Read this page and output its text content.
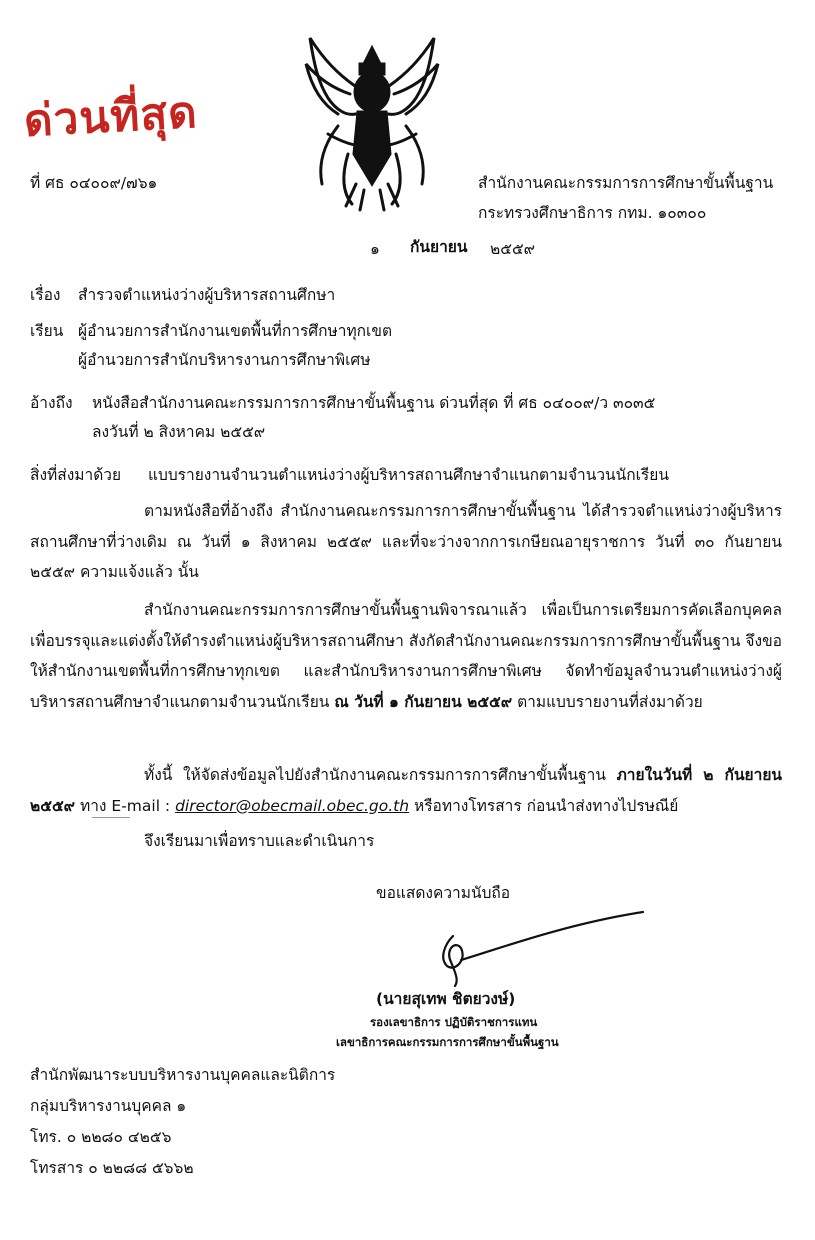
ด่วนที่สุด
ที่ ศธ ๐๔๐๐๙/๗๖๑	สำนักงานคณะกรรมการการศึกษาขั้นพื้นฐาน
กระทรวงศึกษาธิการ กทม. ๑๐๓๐๐
๑ กันยายน ๒๕๕๙
เรื่อง สำรวจตำแหน่งว่างผู้บริหารสถานศึกษา
เรียน ผู้อำนวยการสำนักงานเขตพื้นที่การศึกษาทุกเขต
ผู้อำนวยการสำนักบริหารงานการศึกษาพิเศษ
อ้างถึง หนังสือสำนักงานคณะกรรมการการศึกษาขั้นพื้นฐาน ด่วนที่สุด ที่ ศธ ๐๔๐๐๙/ว ๓๐๓๕
ลงวันที่ ๒ สิงหาคม ๒๕๕๙
สิ่งที่ส่งมาด้วย แบบรายงานจำนวนตำแหน่งว่างผู้บริหารสถานศึกษาจำแนกตามจำนวนนักเรียน
ตามหนังสือที่อ้างถึง สำนักงานคณะกรรมการการศึกษาขั้นพื้นฐาน ได้สำรวจตำแหน่งว่างผู้บริหารสถานศึกษาที่ว่างเดิม ณ วันที่ ๑ สิงหาคม ๒๕๕๙ และที่จะว่างจากการเกษียณอายุราชการ วันที่ ๓๐ กันยายน ๒๕๕๙ ความแจ้งแล้ว นั้น
สำนักงานคณะกรรมการการศึกษาขั้นพื้นฐานพิจารณาแล้ว เพื่อเป็นการเตรียมการคัดเลือกบุคคลเพื่อบรรจุและแต่งตั้งให้ดำรงตำแหน่งผู้บริหารสถานศึกษา สังกัดสำนักงานคณะกรรมการการศึกษาขั้นพื้นฐาน จึงขอให้สำนักงานเขตพื้นที่การศึกษาทุกเขต และสำนักบริหารงานการศึกษาพิเศษ จัดทำข้อมูลจำนวนตำแหน่งว่างผู้บริหารสถานศึกษาจำแนกตามจำนวนนักเรียน ณ วันที่ ๑ กันยายน ๒๕๕๙ ตามแบบรายงานที่ส่งมาด้วย
ทั้งนี้ ให้จัดส่งข้อมูลไปยังสำนักงานคณะกรรมการการศึกษาขั้นพื้นฐาน ภายในวันที่ ๒ กันยายน ๒๕๕๙ ทาง E-mail : director@obecmail.obec.go.th หรือทางโทรสาร ก่อนนำส่งทางไปรษณีย์
จึงเรียนมาเพื่อทราบและดำเนินการ
ขอแสดงความนับถือ
(นายสุเทพ ชิตยวงษ์)
รองเลขาธิการ ปฏิบัติราชการแทน
เลขาธิการคณะกรรมการการศึกษาขั้นพื้นฐาน
สำนักพัฒนาระบบบริหารงานบุคคลและนิติการ
กลุ่มบริหารงานบุคคล ๑
โทร. ๐ ๒๒๘๐ ๔๒๕๖
โทรสาร ๐ ๒๒๘๘ ๕๖๖๒
